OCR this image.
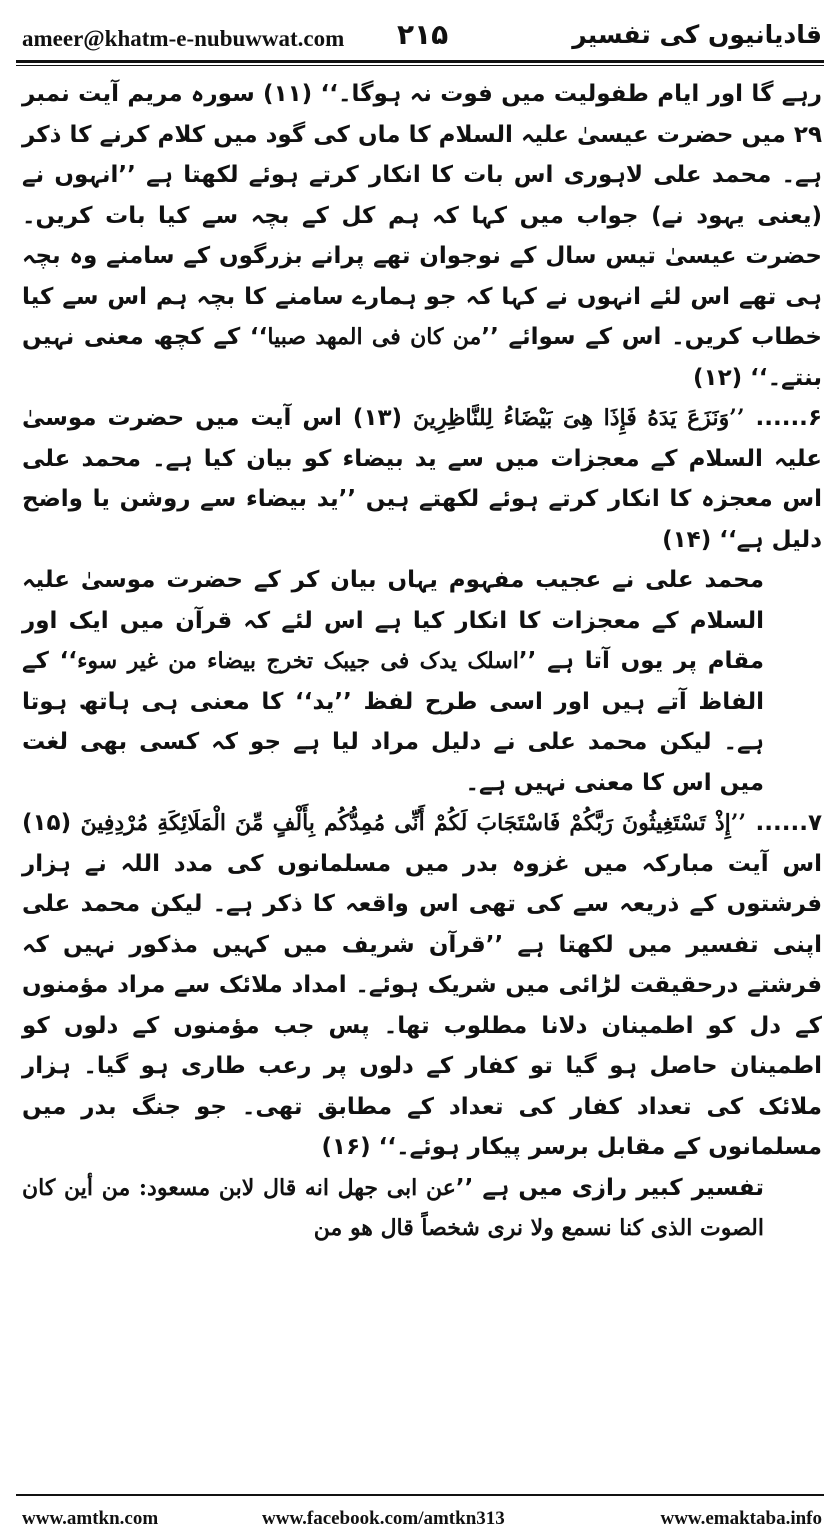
ameer@khatm-e-nubuwwat.com ۲۱۵	قادیانیوں کی تفسیر

رہے گا اور ایام طفولیت میں فوت نہ ہوگا۔‘‘ (۱۱) سورہ مریم آیت نمبر ۲۹ میں حضرت عیسیٰ علیہ السلام کا ماں کی گود میں کلام کرنے کا ذکر ہے۔ محمد علی لاہوری اس بات کا انکار کرتے ہوئے لکھتا ہے ’’انہوں نے (یعنی یہود نے) جواب میں کہا کہ ہم کل کے بچہ سے کیا بات کریں۔ حضرت عیسیٰ تیس سال کے نوجوان تھے پرانے بزرگوں کے سامنے وہ بچہ ہی تھے اس لئے انہوں نے کہا کہ جو ہمارے سامنے کا بچہ ہم اس سے کیا خطاب کریں۔ اس کے سوائے ’’من کان فی المھد صبیا‘‘ کے کچھ معنی نہیں بنتے۔‘‘ (۱۲)

۶...... ’’وَنَزَعَ یَدَهُ فَإِذَا هِیَ بَیْضَاءُ لِلنَّاظِرِینَ (۱۳) اس آیت میں حضرت موسیٰ علیہ السلام کے معجزات میں سے ید بیضاء کو بیان کیا ہے۔ محمد علی اس معجزہ کا انکار کرتے ہوئے لکھتے ہیں ’’ید بیضاء سے روشن یا واضح دلیل ہے‘‘ (۱۴)

محمد علی نے عجیب مفہوم یہاں بیان کر کے حضرت موسیٰ علیہ السلام کے معجزات کا انکار کیا ہے اس لئے کہ قرآن میں ایک اور مقام پر یوں آتا ہے ’’اسلک یدک فی جیبک تخرج بیضاء من غیر سوء‘‘ کے الفاظ آتے ہیں اور اسی طرح لفظ ’’ید‘‘ کا معنی ہی ہاتھ ہوتا ہے۔ لیکن محمد علی نے دلیل مراد لیا ہے جو کہ کسی بھی لغت میں اس کا معنی نہیں ہے۔

۷...... ’’إِذْ تَسْتَغِیثُونَ رَبَّكُمْ فَاسْتَجَابَ لَكُمْ أَنِّی مُمِدُّكُم بِأَلْفٍ مِّنَ الْمَلَائِكَةِ مُرْدِفِینَ (۱۵) اس آیت مبارکہ میں غزوہ بدر میں مسلمانوں کی مدد اللہ نے ہزار فرشتوں کے ذریعہ سے کی تھی اس واقعہ کا ذکر ہے۔ لیکن محمد علی اپنی تفسیر میں لکھتا ہے ’’قرآن شریف میں کہیں مذکور نہیں کہ فرشتے درحقیقت لڑائی میں شریک ہوئے۔ امداد ملائک سے مراد مؤمنوں کے دل کو اطمینان دلانا مطلوب تھا۔ پس جب مؤمنوں کے دلوں کو اطمینان حاصل ہو گیا تو کفار کے دلوں پر رعب طاری ہو گیا۔ ہزار ملائک کی تعداد کفار کی تعداد کے مطابق تھی۔ جو جنگ بدر میں مسلمانوں کے مقابل برسر پیکار ہوئے۔‘‘ (۱۶)

تفسیر کبیر رازی میں ہے ’’عن ابی جھل انه قال لابن مسعود: من أین کان الصوت الذی کنا نسمع ولا نری شخصاً قال ھو من

www.amtkn.com	www.facebook.com/amtkn313	www.emaktaba.info
